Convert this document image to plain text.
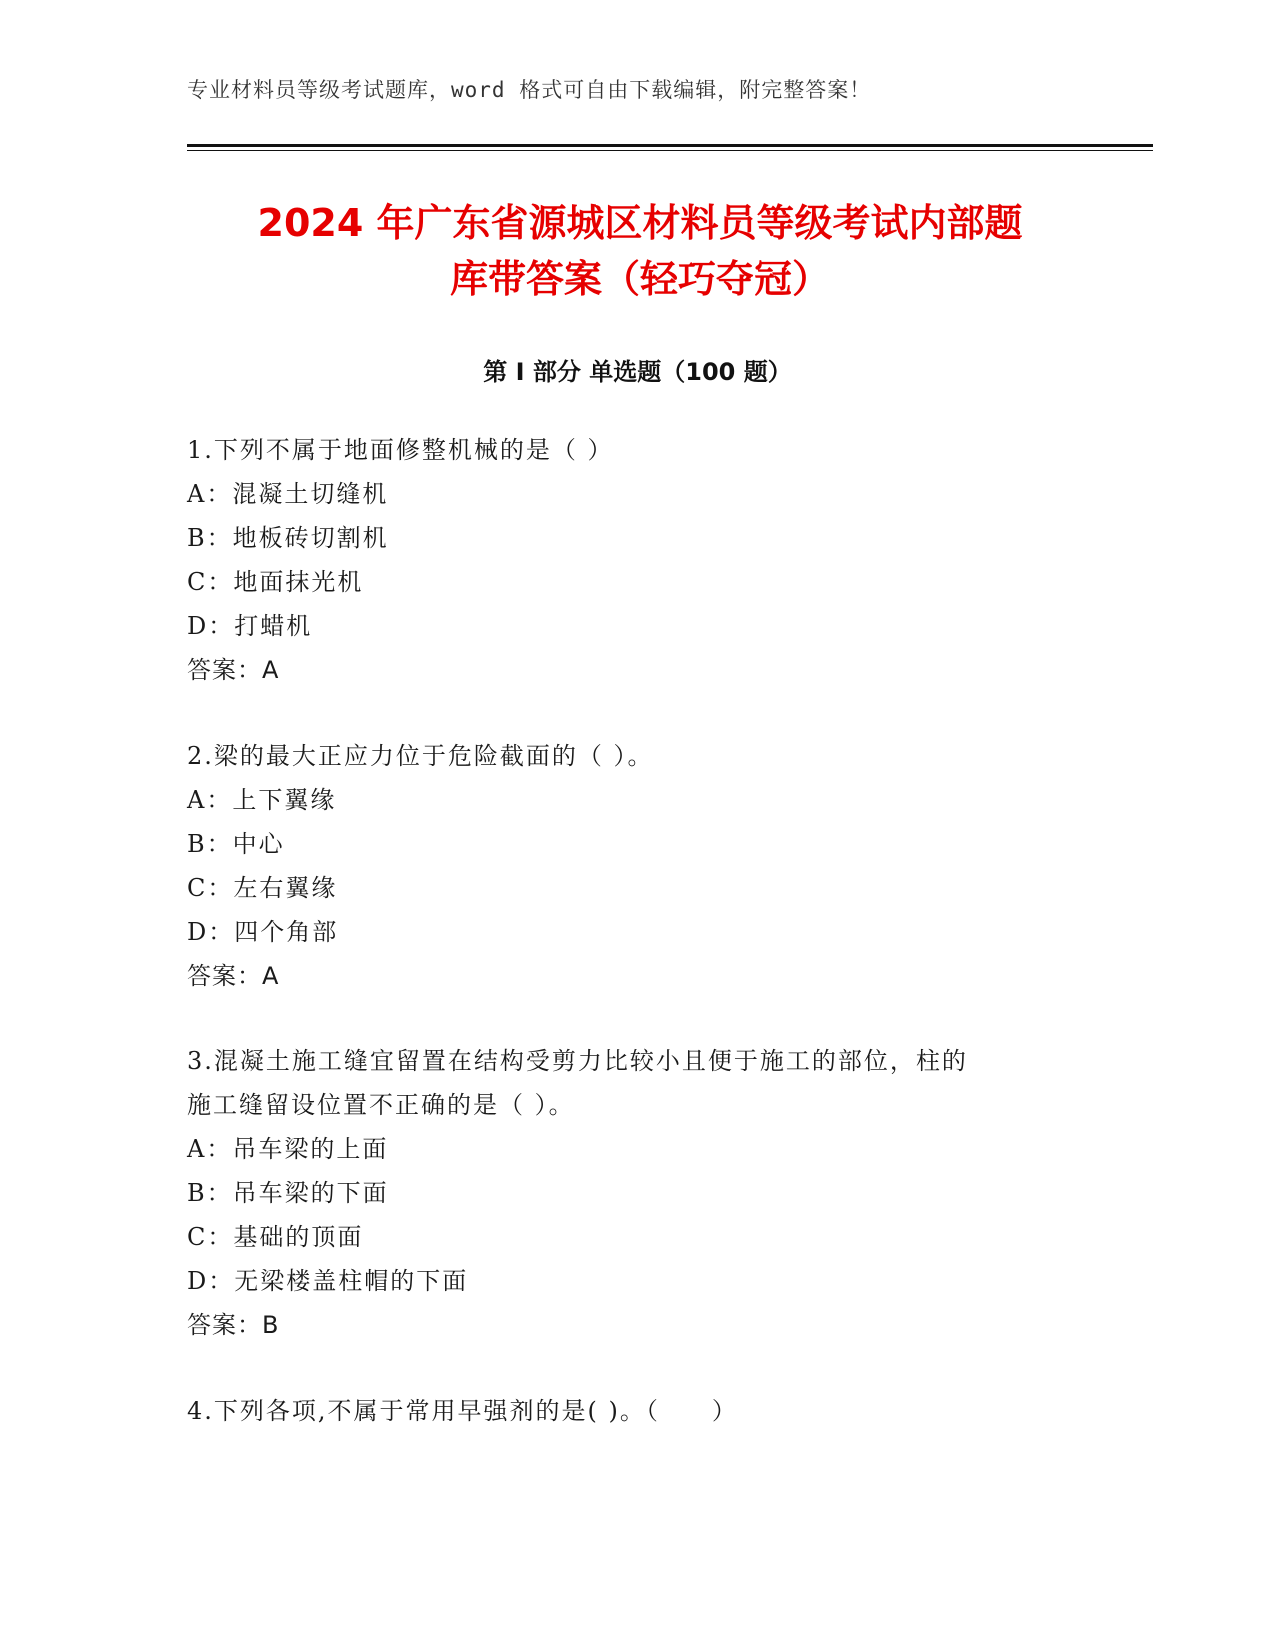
专业材料员等级考试题库，word 格式可自由下载编辑，附完整答案！
2024 年广东省源城区材料员等级考试内部题
库带答案（轻巧夺冠）
第 I 部分 单选题（100 题）
1.下列不属于地面修整机械的是（ ）
A：混凝土切缝机
B：地板砖切割机
C：地面抹光机
D：打蜡机
答案：A
2.梁的最大正应力位于危险截面的（ ）。
A：上下翼缘
B：中心
C：左右翼缘
D：四个角部
答案：A
3.混凝土施工缝宜留置在结构受剪力比较小且便于施工的部位，柱的
施工缝留设位置不正确的是（ ）。
A：吊车梁的上面
B：吊车梁的下面
C：基础的顶面
D：无梁楼盖柱帽的下面
答案：B
4.下列各项,不属于常用早强剂的是( )。（　　）
